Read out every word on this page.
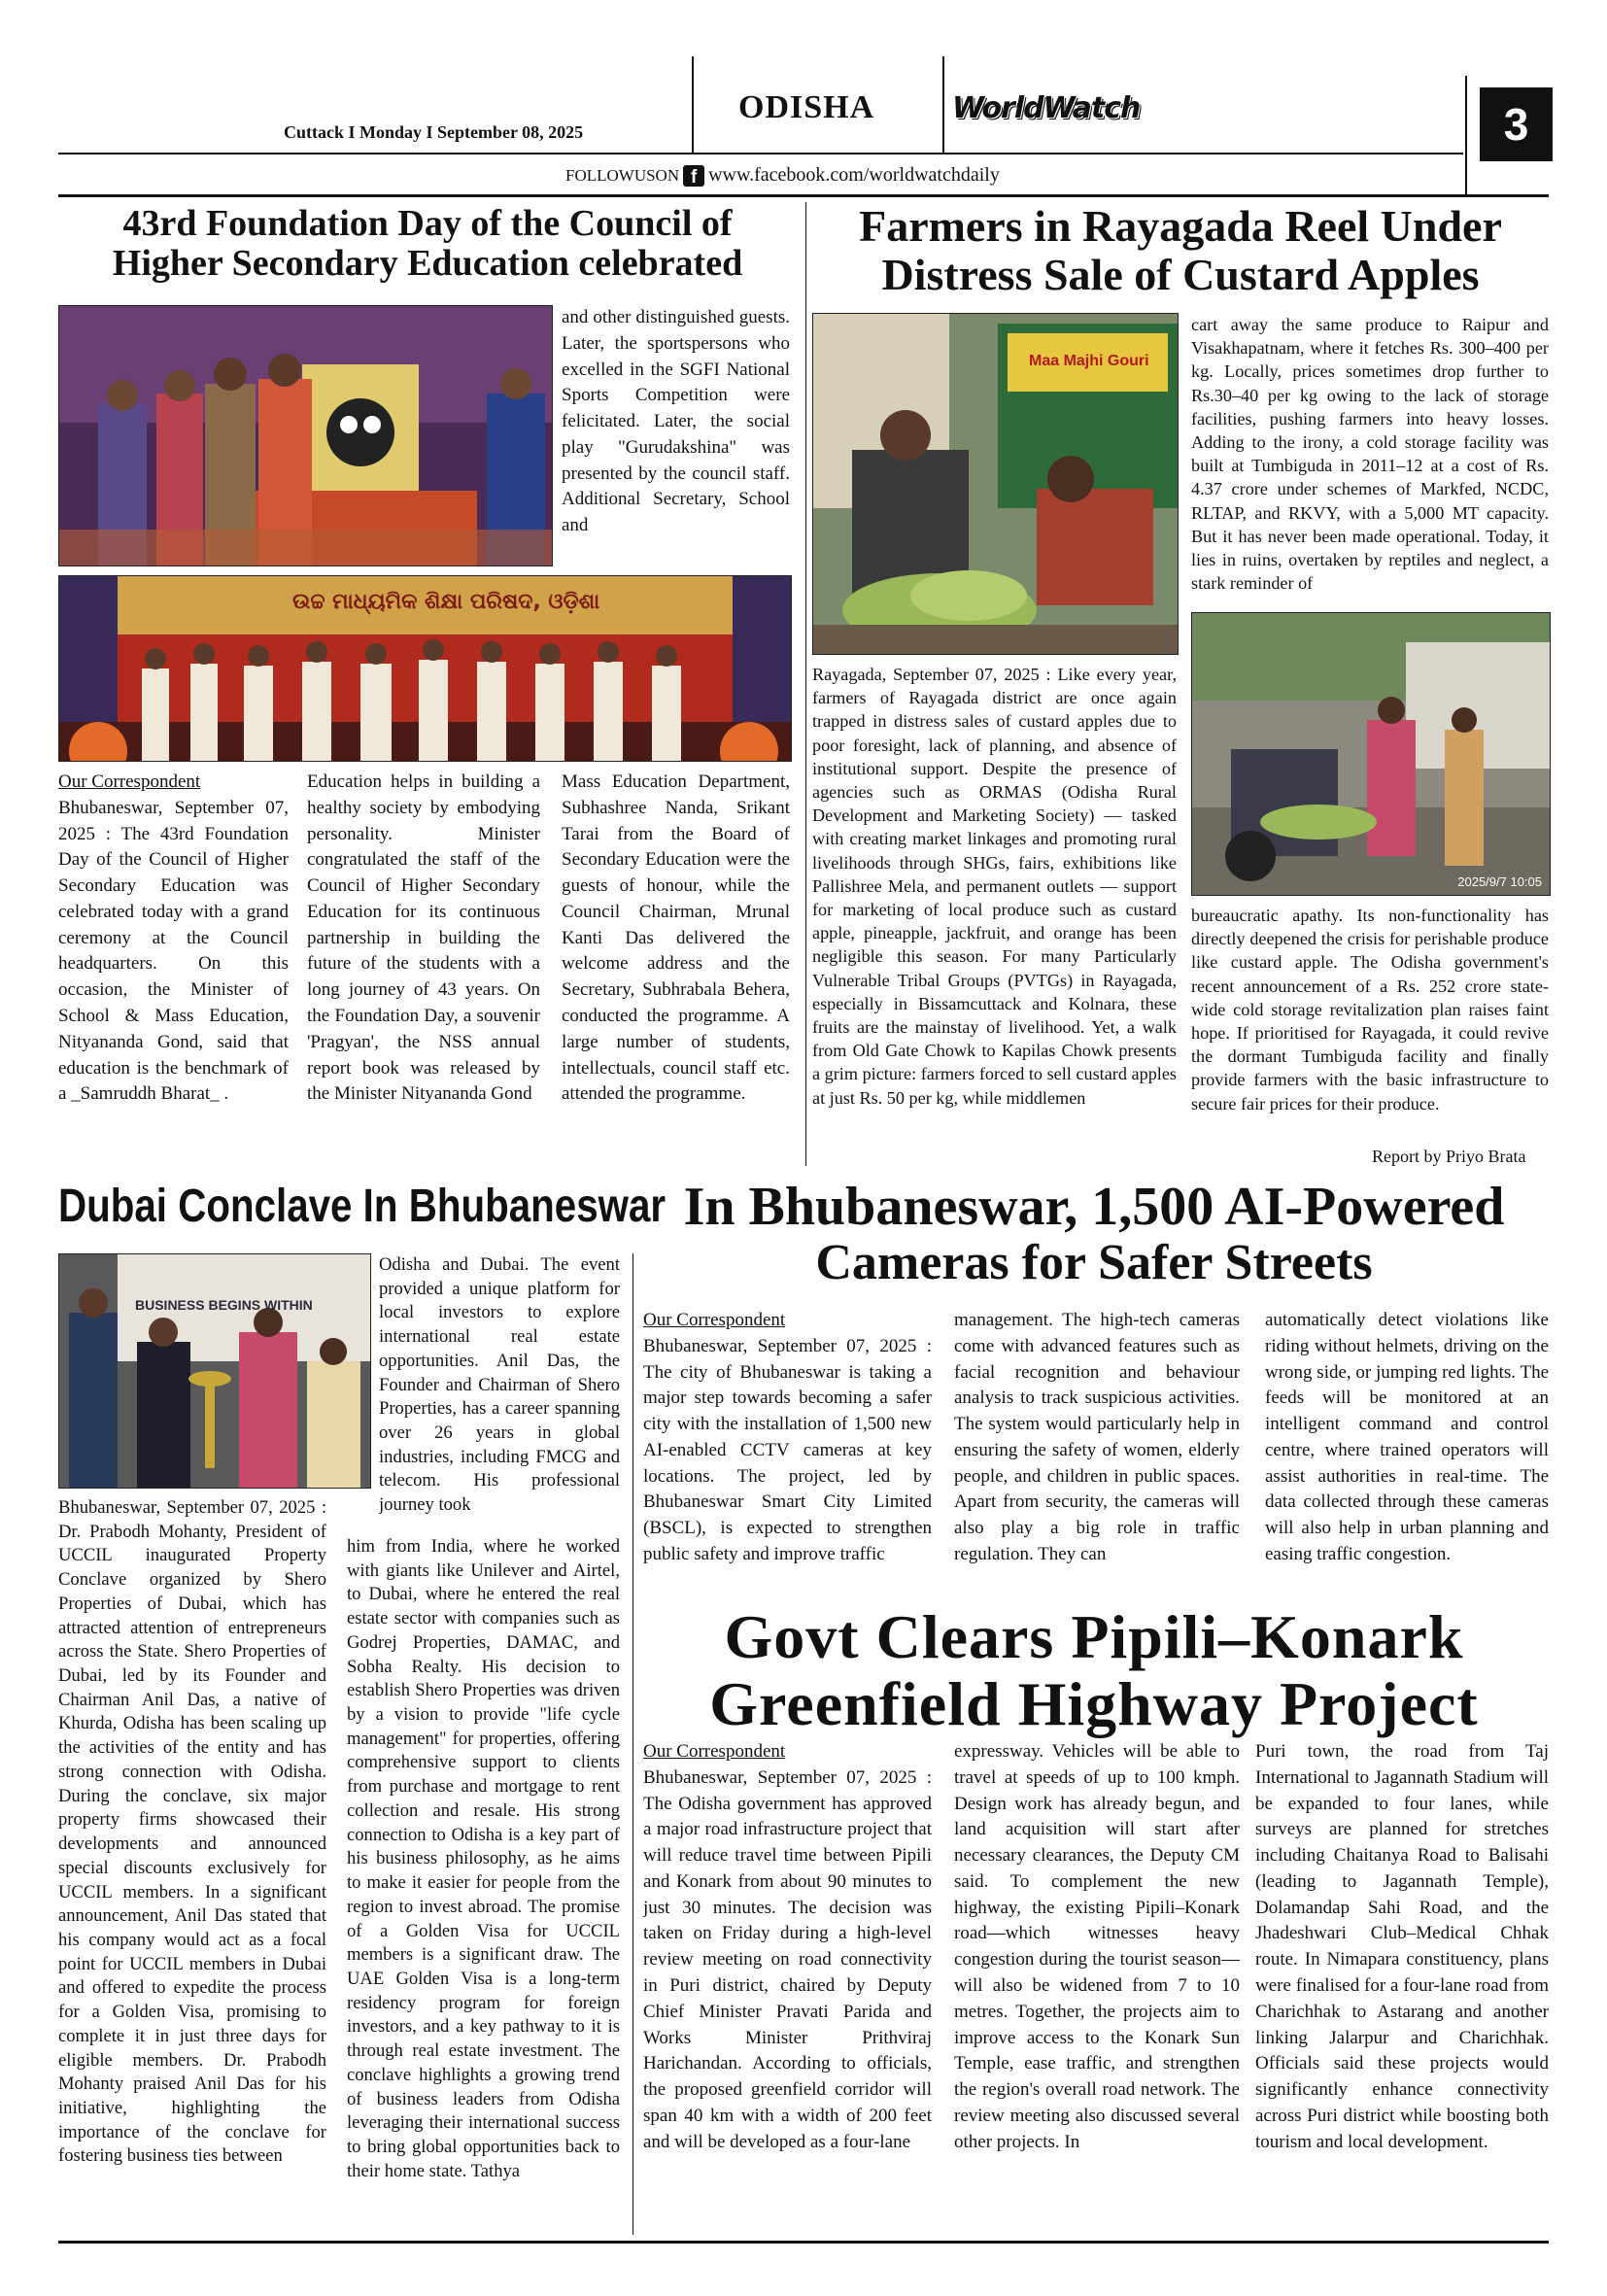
Cuttack I Monday I September 08, 2025
ODISHA	WorldWatch	3
FOLLOWUSON f www.facebook.com/worldwatchdaily
43rd Foundation Day of the Council of
Higher Secondary Education celebrated
and other distinguished guests. Later, the sportspersons who excelled in the SGFI National Sports Competition were felicitated. Later, the social play "Gurudakshina" was presented by the council staff. Additional Secretary, School and
ଉଚ୍ଚ ମାଧ୍ୟମିକ ଶିକ୍ଷା ପରିଷଦ, ଓଡ଼ିଶା
Our Correspondent
Bhubaneswar, September 07, 2025 : The 43rd Foundation Day of the Council of Higher Secondary Education was celebrated today with a grand ceremony at the Council headquarters. On this occasion, the Minister of School & Mass Education, Nityananda Gond, said that education is the benchmark of a _Samruddh Bharat_ .
Education helps in building a healthy society by embodying personality. Minister congratulated the staff of the Council of Higher Secondary Education for its continuous partnership in building the future of the students with a long journey of 43 years. On the Foundation Day, a souvenir 'Pragyan', the NSS annual report book was released by the Minister Nityananda Gond
Mass Education Department, Subhashree Nanda, Srikant Tarai from the Board of Secondary Education were the guests of honour, while the Council Chairman, Mrunal Kanti Das delivered the welcome address and the Secretary, Subhrabala Behera, conducted the programme. A large number of students, intellectuals, council staff etc. attended the programme.
Farmers in Rayagada Reel Under
Distress Sale of Custard Apples
Maa Majhi Gouri
cart away the same produce to Raipur and Visakhapatnam, where it fetches Rs. 300–400 per kg. Locally, prices sometimes drop further to Rs.30–40 per kg owing to the lack of storage facilities, pushing farmers into heavy losses. Adding to the irony, a cold storage facility was built at Tumbiguda in 2011–12 at a cost of Rs. 4.37 crore under schemes of Markfed, NCDC, RLTAP, and RKVY, with a 5,000 MT capacity. But it has never been made operational. Today, it lies in ruins, overtaken by reptiles and neglect, a stark reminder of
2025/9/7 10:05
Rayagada, September 07, 2025 : Like every year, farmers of Rayagada district are once again trapped in distress sales of custard apples due to poor foresight, lack of planning, and absence of institutional support. Despite the presence of agencies such as ORMAS (Odisha Rural Development and Marketing Society) — tasked with creating market linkages and promoting rural livelihoods through SHGs, fairs, exhibitions like Pallishree Mela, and permanent outlets — support for marketing of local produce such as custard apple, pineapple, jackfruit, and orange has been negligible this season. For many Particularly Vulnerable Tribal Groups (PVTGs) in Rayagada, especially in Bissamcuttack and Kolnara, these fruits are the mainstay of livelihood. Yet, a walk from Old Gate Chowk to Kapilas Chowk presents a grim picture: farmers forced to sell custard apples at just Rs. 50 per kg, while middlemen
bureaucratic apathy. Its non-functionality has directly deepened the crisis for perishable produce like custard apple. The Odisha government's recent announcement of a Rs. 252 crore state-wide cold storage revitalization plan raises faint hope. If prioritised for Rayagada, it could revive the dormant Tumbiguda facility and finally provide farmers with the basic infrastructure to secure fair prices for their produce.
Report by Priyo Brata
Dubai Conclave In Bhubaneswar
BUSINESS BEGINS WITHIN
Odisha and Dubai. The event provided a unique platform for local investors to explore international real estate opportunities. Anil Das, the Founder and Chairman of Shero Properties, has a career spanning over 26 years in global industries, including FMCG and telecom. His professional journey took
Bhubaneswar, September 07, 2025 : Dr. Prabodh Mohanty, President of UCCIL inaugurated Property Conclave organized by Shero Properties of Dubai, which has attracted attention of entrepreneurs across the State. Shero Properties of Dubai, led by its Founder and Chairman Anil Das, a native of Khurda, Odisha has been scaling up the activities of the entity and has strong connection with Odisha. During the conclave, six major property firms showcased their developments and announced special discounts exclusively for UCCIL members. In a significant announcement, Anil Das stated that his company would act as a focal point for UCCIL members in Dubai and offered to expedite the process for a Golden Visa, promising to complete it in just three days for eligible members. Dr. Prabodh Mohanty praised Anil Das for his initiative, highlighting the importance of the conclave for fostering business ties between
him from India, where he worked with giants like Unilever and Airtel, to Dubai, where he entered the real estate sector with companies such as Godrej Properties, DAMAC, and Sobha Realty. His decision to establish Shero Properties was driven by a vision to provide "life cycle management" for properties, offering comprehensive support to clients from purchase and mortgage to rent collection and resale. His strong connection to Odisha is a key part of his business philosophy, as he aims to make it easier for people from the region to invest abroad. The promise of a Golden Visa for UCCIL members is a significant draw. The UAE Golden Visa is a long-term residency program for foreign investors, and a key pathway to it is through real estate investment. The conclave highlights a growing trend of business leaders from Odisha leveraging their international success to bring global opportunities back to their home state. Tathya
In Bhubaneswar, 1,500 AI-Powered
Cameras for Safer Streets
Our Correspondent
Bhubaneswar, September 07, 2025 : The city of Bhubaneswar is taking a major step towards becoming a safer city with the installation of 1,500 new AI-enabled CCTV cameras at key locations. The project, led by Bhubaneswar Smart City Limited (BSCL), is expected to strengthen public safety and improve traffic
management. The high-tech cameras come with advanced features such as facial recognition and behaviour analysis to track suspicious activities. The system would particularly help in ensuring the safety of women, elderly people, and children in public spaces. Apart from security, the cameras will also play a big role in traffic regulation. They can
automatically detect violations like riding without helmets, driving on the wrong side, or jumping red lights. The feeds will be monitored at an intelligent command and control centre, where trained operators will assist authorities in real-time. The data collected through these cameras will also help in urban planning and easing traffic congestion.
Govt Clears Pipili–Konark
Greenfield Highway Project
Our Correspondent
Bhubaneswar, September 07, 2025 : The Odisha government has approved a major road infrastructure project that will reduce travel time between Pipili and Konark from about 90 minutes to just 30 minutes. The decision was taken on Friday during a high-level review meeting on road connectivity in Puri district, chaired by Deputy Chief Minister Pravati Parida and Works Minister Prithviraj Harichandan. According to officials, the proposed greenfield corridor will span 40 km with a width of 200 feet and will be developed as a four-lane
expressway. Vehicles will be able to travel at speeds of up to 100 kmph. Design work has already begun, and land acquisition will start after necessary clearances, the Deputy CM said. To complement the new highway, the existing Pipili–Konark road—which witnesses heavy congestion during the tourist season—will also be widened from 7 to 10 metres. Together, the projects aim to improve access to the Konark Sun Temple, ease traffic, and strengthen the region's overall road network. The review meeting also discussed several other projects. In
Puri town, the road from Taj International to Jagannath Stadium will be expanded to four lanes, while surveys are planned for stretches including Chaitanya Road to Balisahi (leading to Jagannath Temple), Dolamandap Sahi Road, and the Jhadeshwari Club–Medical Chhak route. In Nimapara constituency, plans were finalised for a four-lane road from Charichhak to Astarang and another linking Jalarpur and Charichhak. Officials said these projects would significantly enhance connectivity across Puri district while boosting both tourism and local development.
